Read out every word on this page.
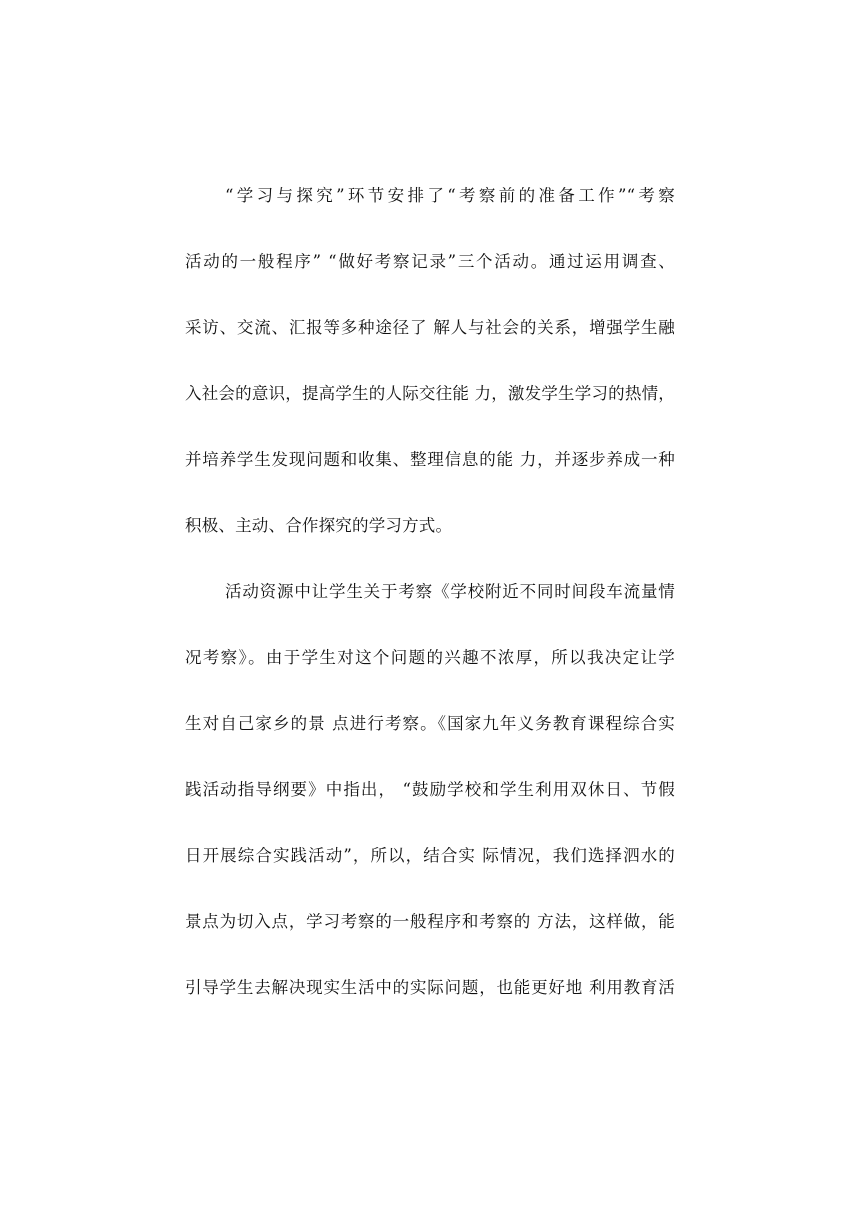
“学习与探究”环节安排了“考察前的准备工作”“考察
活动的一般程序” “做好考察记录”三个活动。通过运用调查、
采访、交流、汇报等多种途径了 解人与社会的关系，增强学生融
入社会的意识，提高学生的人际交往能 力，激发学生学习的热情，
并培养学生发现问题和收集、整理信息的能 力，并逐步养成一种
积极、主动、合作探究的学习方式。
活动资源中让学生关于考察《学校附近不同时间段车流量情
况考察》。由于学生对这个问题的兴趣不浓厚，所以我决定让学
生对自己家乡的景 点进行考察。《国家九年义务教育课程综合实
践活动指导纲要》中指出， “鼓励学校和学生利用双休日、节假
日开展综合实践活动”，所以，结合实 际情况，我们选择泗水的
景点为切入点，学习考察的一般程序和考察的 方法，这样做，能
引导学生去解决现实生活中的实际问题，也能更好地 利用教育活
